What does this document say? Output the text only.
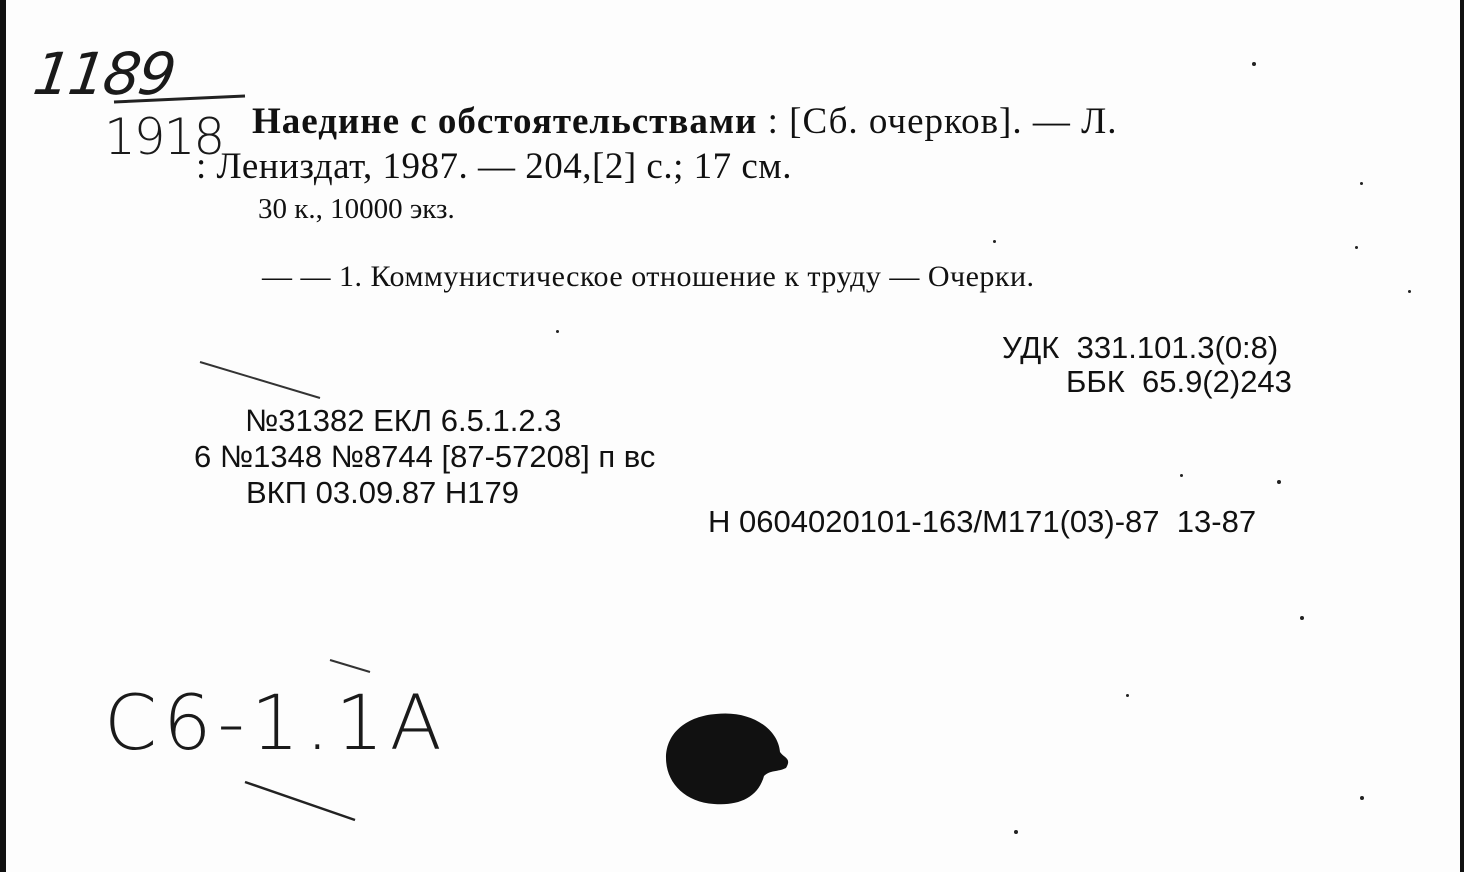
1189
1918 Наедине с обстоятельствами : [Сб. очерков]. — Л.
: Лениздат, 1987. — 204,[2] с.; 17 см.
30 к., 10000 экз.
— — 1. Коммунистическое отношение к труду — Очерки.
УДК  331.101.3(0:8)
ББК  65.9(2)243
№31382 ЕКЛ 6.5.1.2.3
6 №1348 №8744 [87-57208] п вс
ВКП 03.09.87 Н179
Н 0604020101-163/М171(03)-87  13-87
С6-1.1А
